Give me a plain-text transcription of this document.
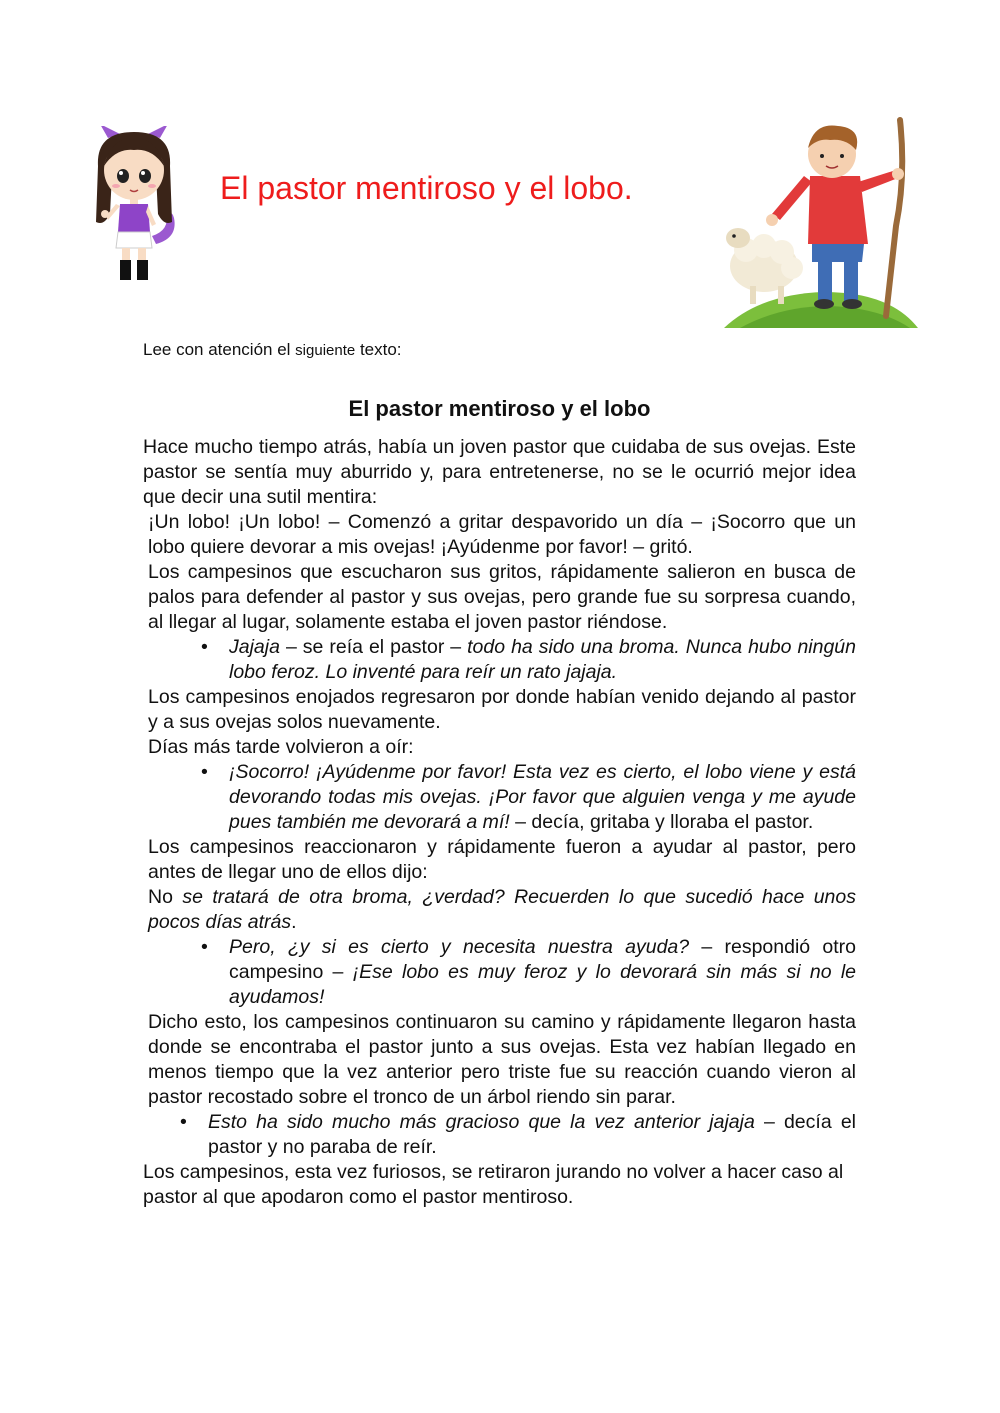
El pastor mentiroso y el lobo.
Lee con atención el siguiente texto:
El pastor mentiroso y el lobo

Hace mucho tiempo atrás, había un joven pastor que cuidaba de sus ovejas. Este pastor se sentía muy aburrido y, para entretenerse, no se le ocurrió mejor idea que decir una sutil mentira:

¡Un lobo! ¡Un lobo! – Comenzó a gritar despavorido un día – ¡Socorro que un lobo quiere devorar a mis ovejas! ¡Ayúdenme por favor! – gritó.

Los campesinos que escucharon sus gritos, rápidamente salieron en busca de palos para defender al pastor y sus ovejas, pero grande fue su sorpresa cuando, al llegar al lugar, solamente estaba el joven pastor riéndose.

• Jajaja – se reía el pastor – todo ha sido una broma. Nunca hubo ningún lobo feroz. Lo inventé para reír un rato jajaja.

Los campesinos enojados regresaron por donde habían venido dejando al pastor y a sus ovejas solos nuevamente.

Días más tarde volvieron a oír:

• ¡Socorro! ¡Ayúdenme por favor! Esta vez es cierto, el lobo viene y está devorando todas mis ovejas. ¡Por favor que alguien venga y me ayude pues también me devorará a mí! – decía, gritaba y lloraba el pastor.

Los campesinos reaccionaron y rápidamente fueron a ayudar al pastor, pero antes de llegar uno de ellos dijo:

No se tratará de otra broma, ¿verdad? Recuerden lo que sucedió hace unos pocos días atrás.

• Pero, ¿y si es cierto y necesita nuestra ayuda? – respondió otro campesino – ¡Ese lobo es muy feroz y lo devorará sin más si no le ayudamos!

Dicho esto, los campesinos continuaron su camino y rápidamente llegaron hasta donde se encontraba el pastor junto a sus ovejas. Esta vez habían llegado en menos tiempo que la vez anterior pero triste fue su reacción cuando vieron al pastor recostado sobre el tronco de un árbol riendo sin parar.

• Esto ha sido mucho más gracioso que la vez anterior jajaja – decía el pastor y no paraba de reír.

Los campesinos, esta vez furiosos, se retiraron jurando no volver a hacer caso al pastor al que apodaron como el pastor mentiroso.
